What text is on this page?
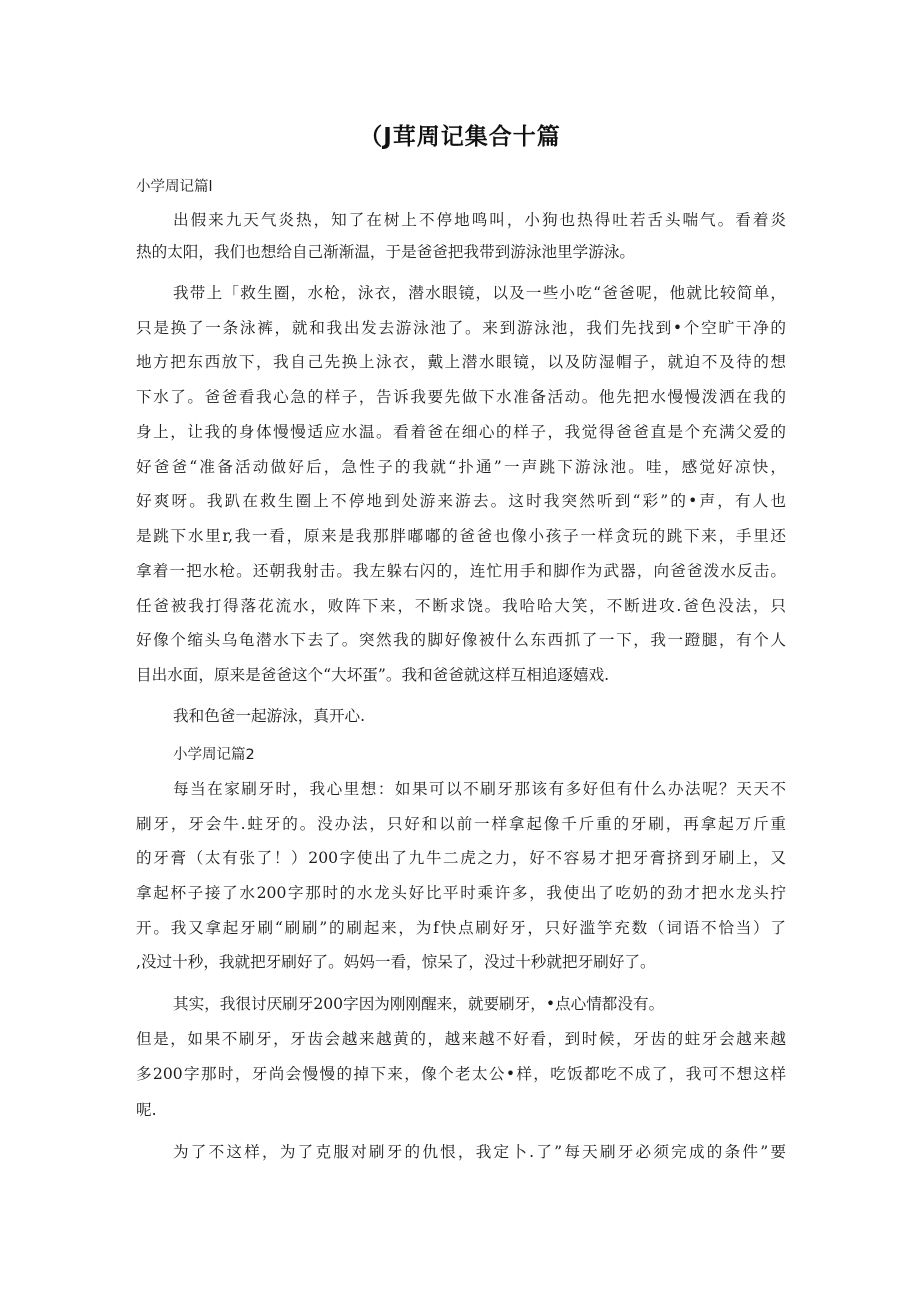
（J茸周记集合十篇
小学周记篇l
出假来九天气炎热，知了在树上不停地鸣叫，小狗也热得吐若舌头喘气。看着炎
热的太阳，我们也想给自己渐渐温，于是爸爸把我带到游泳池里学游泳。
我带上「救生圈，水枪，泳衣，潜水眼镜，以及一些小吃“爸爸呢，他就比较简单，
只是换了一条泳裤，就和我出发去游泳池了。来到游泳池，我们先找到•个空旷干净的
地方把东西放下，我自己先换上泳衣，戴上潜水眼镜，以及防湿帽子，就迫不及待的想
下水了。爸爸看我心急的样子，告诉我要先做下水准备活动。他先把水慢慢泼洒在我的
身上，让我的身体慢慢适应水温。看着爸在细心的样子，我觉得爸爸直是个充满父爱的
好爸爸“准备活动做好后，急性子的我就“扑通”一声跳下游泳池。哇，感觉好凉快，
好爽呀。我趴在救生圈上不停地到处游来游去。这时我突然听到“彩”的•声，有人也
是跳下水里r,我一看，原来是我那胖嘟嘟的爸爸也像小孩子一样贪玩的跳下来，手里还
拿着一把水枪。还朝我射击。我左躲右闪的，连忙用手和脚作为武器，向爸爸泼水反击。
任爸被我打得落花流水，败阵下来，不断求饶。我哈哈大笑，不断进攻.爸色没法，只
好像个缩头乌龟潜水下去了。突然我的脚好像被什么东西抓了一下，我一蹬腿，有个人
目出水面，原来是爸爸这个“大坏蛋”。我和爸爸就这样互相追逐嬉戏.
我和色爸一起游泳，真开心.
小学周记篇2
每当在家刷牙时，我心里想：如果可以不刷牙那该有多好但有什么办法呢？天天不
刷牙，牙会牛.蛀牙的。没办法，只好和以前一样拿起像千斤重的牙刷，再拿起万斤重
的牙膏（太有张了！）200字使出了九牛二虎之力，好不容易才把牙膏挤到牙刷上，又
拿起杯子接了水200字那时的水龙头好比平时乘许多，我使出了吃奶的劲才把水龙头拧
开。我又拿起牙刷“刷刷”的刷起来，为f快点刷好牙，只好滥竽充数（词语不恰当）了
,没过十秒，我就把牙刷好了。妈妈一看，惊呆了，没过十秒就把牙刷好了。
其实，我很讨厌刷牙200字因为刚刚醒来，就要刷牙，•点心情都没有。
但是，如果不刷牙，牙齿会越来越黄的，越来越不好看，到时候，牙齿的蛀牙会越来越
多200字那时，牙尚会慢慢的掉下来，像个老太公•样，吃饭都吃不成了，我可不想这样
呢.
为了不这样，为了克服对刷牙的仇恨，我定卜.了”每天刷牙必须完成的条件”要
